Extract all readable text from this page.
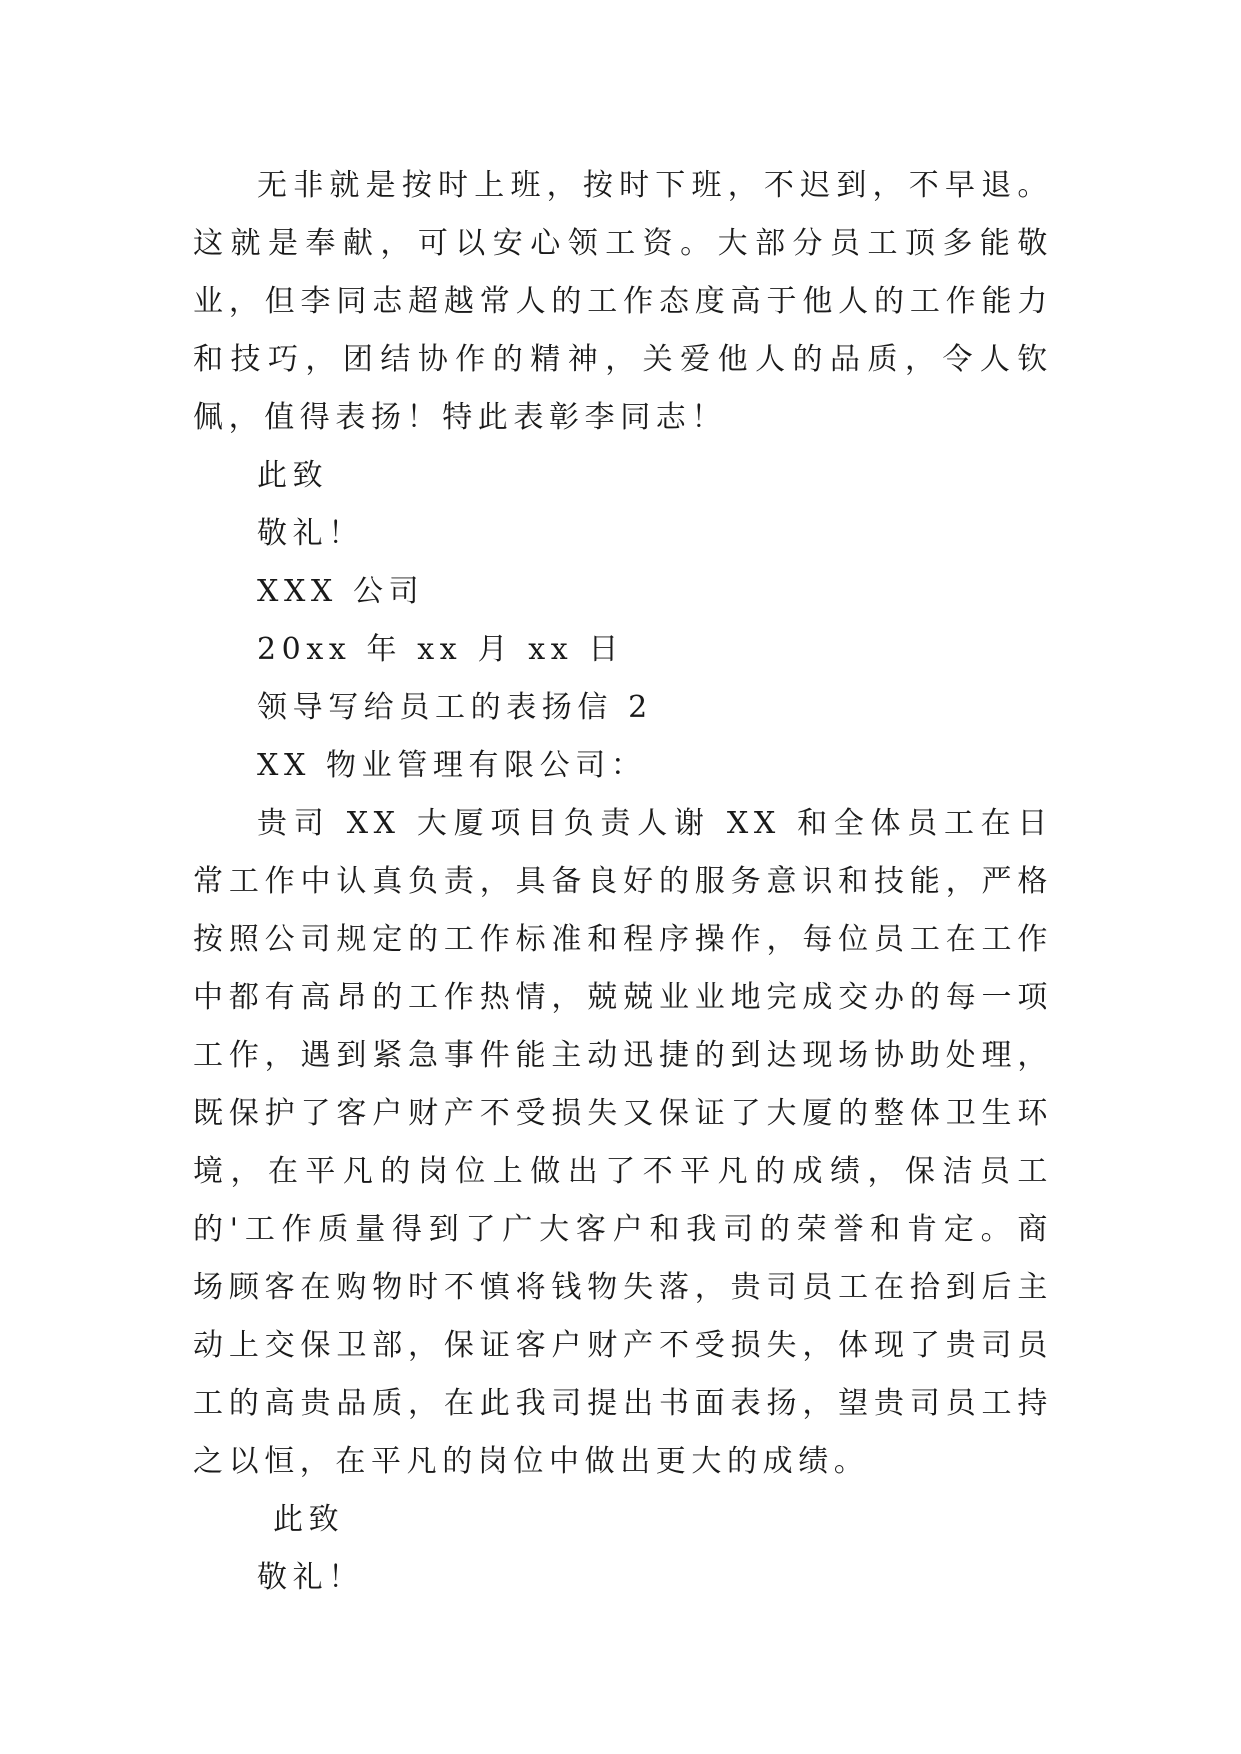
无非就是按时上班，按时下班，不迟到，不早退。这就是奉献，可以安心领工资。大部分员工顶多能敬业，但李同志超越常人的工作态度高于他人的工作能力和技巧，团结协作的精神，关爱他人的品质，令人钦佩，值得表扬！特此表彰李同志！

此致

敬礼！

XXX 公司

20xx 年 xx 月 xx 日

领导写给员工的表扬信 2

XX 物业管理有限公司：

贵司 XX 大厦项目负责人谢 XX 和全体员工在日常工作中认真负责，具备良好的服务意识和技能，严格按照公司规定的工作标准和程序操作，每位员工在工作中都有高昂的工作热情，兢兢业业地完成交办的每一项工作，遇到紧急事件能主动迅捷的到达现场协助处理，既保护了客户财产不受损失又保证了大厦的整体卫生环境，在平凡的岗位上做出了不平凡的成绩，保洁员工的'工作质量得到了广大客户和我司的荣誉和肯定。商场顾客在购物时不慎将钱物失落，贵司员工在拾到后主动上交保卫部，保证客户财产不受损失，体现了贵司员工的高贵品质，在此我司提出书面表扬，望贵司员工持之以恒，在平凡的岗位中做出更大的成绩。

此致

敬礼！
